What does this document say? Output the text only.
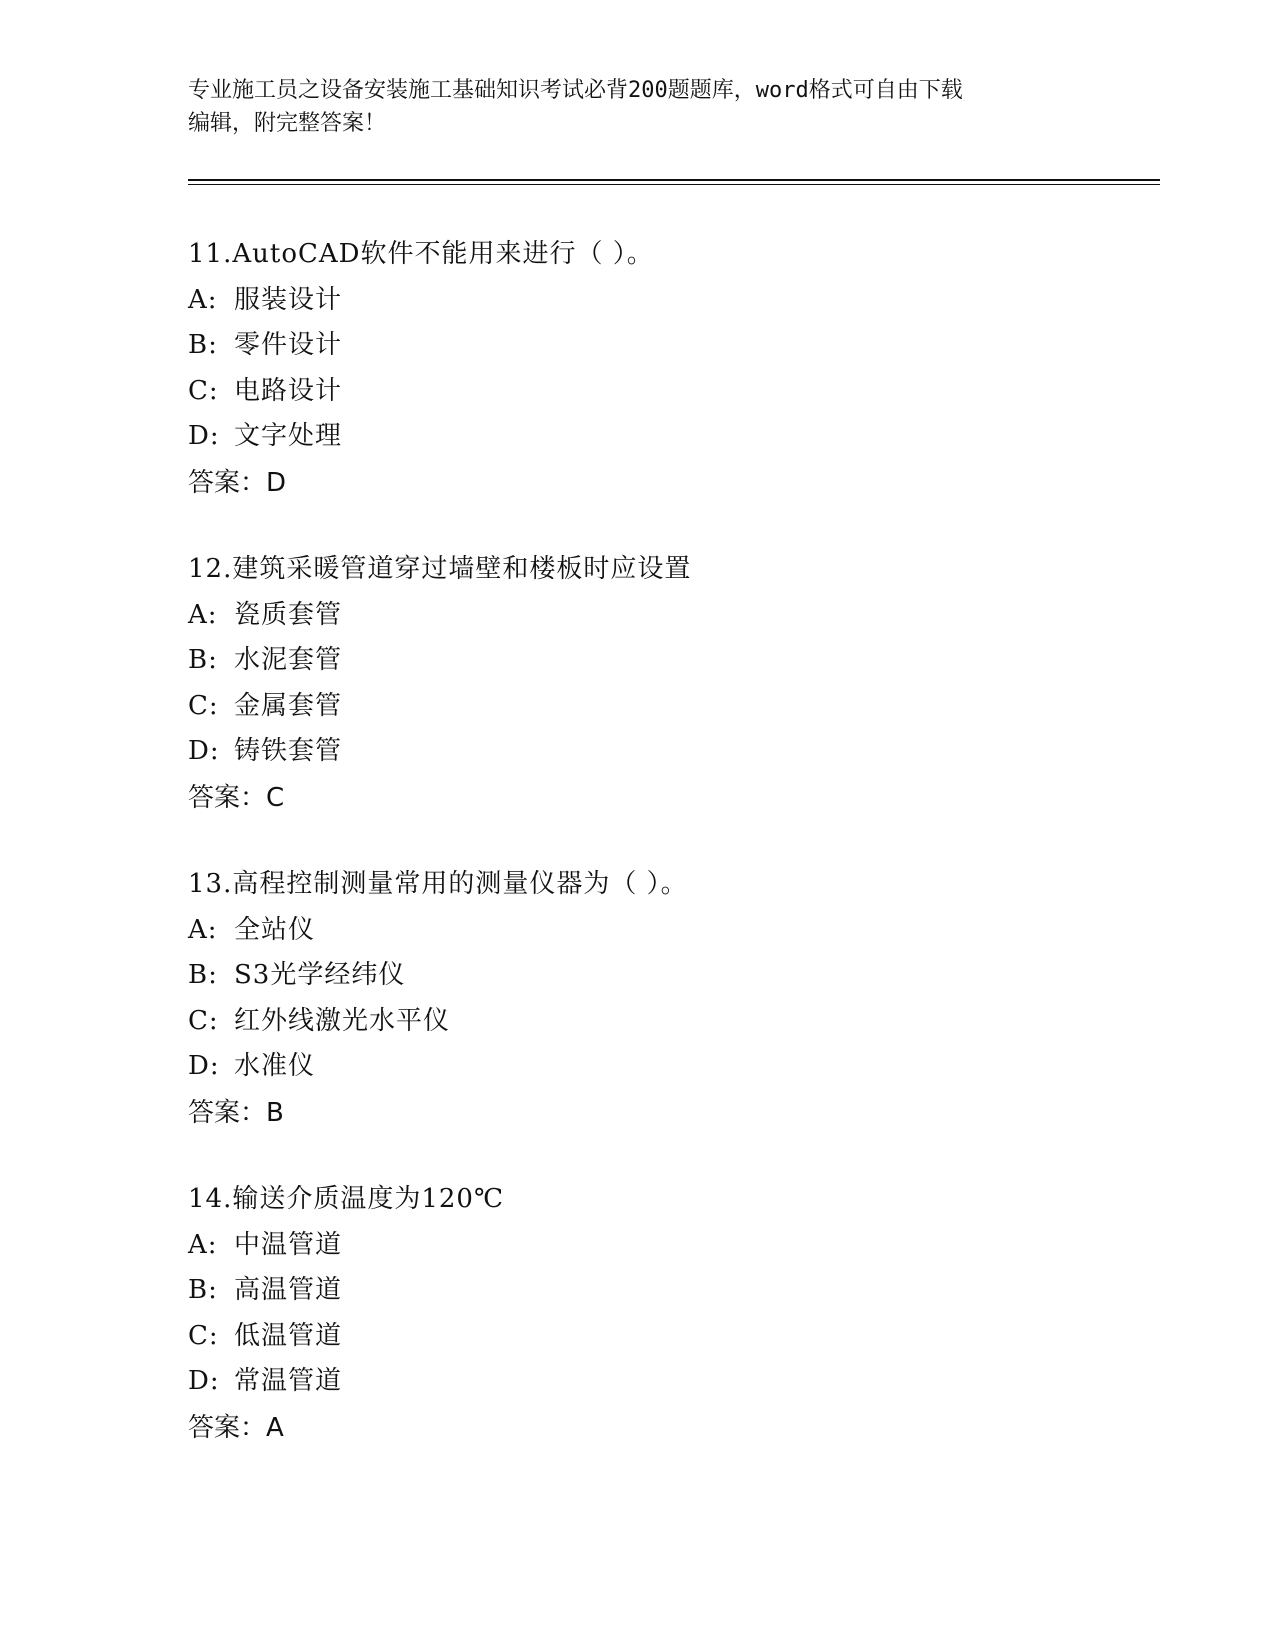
专业施工员之设备安装施工基础知识考试必背200题题库，word格式可自由下载
编辑，附完整答案！
11.AutoCAD软件不能用来进行（ ）。
A: 服装设计
B: 零件设计
C: 电路设计
D: 文字处理
答案：D
12.建筑采暖管道穿过墙壁和楼板时应设置
A: 瓷质套管
B: 水泥套管
C: 金属套管
D: 铸铁套管
答案：C
13.高程控制测量常用的测量仪器为（ ）。
A: 全站仪
B: S3光学经纬仪
C: 红外线激光水平仪
D: 水准仪
答案：B
14.输送介质温度为120℃
A: 中温管道
B: 高温管道
C: 低温管道
D: 常温管道
答案：A
